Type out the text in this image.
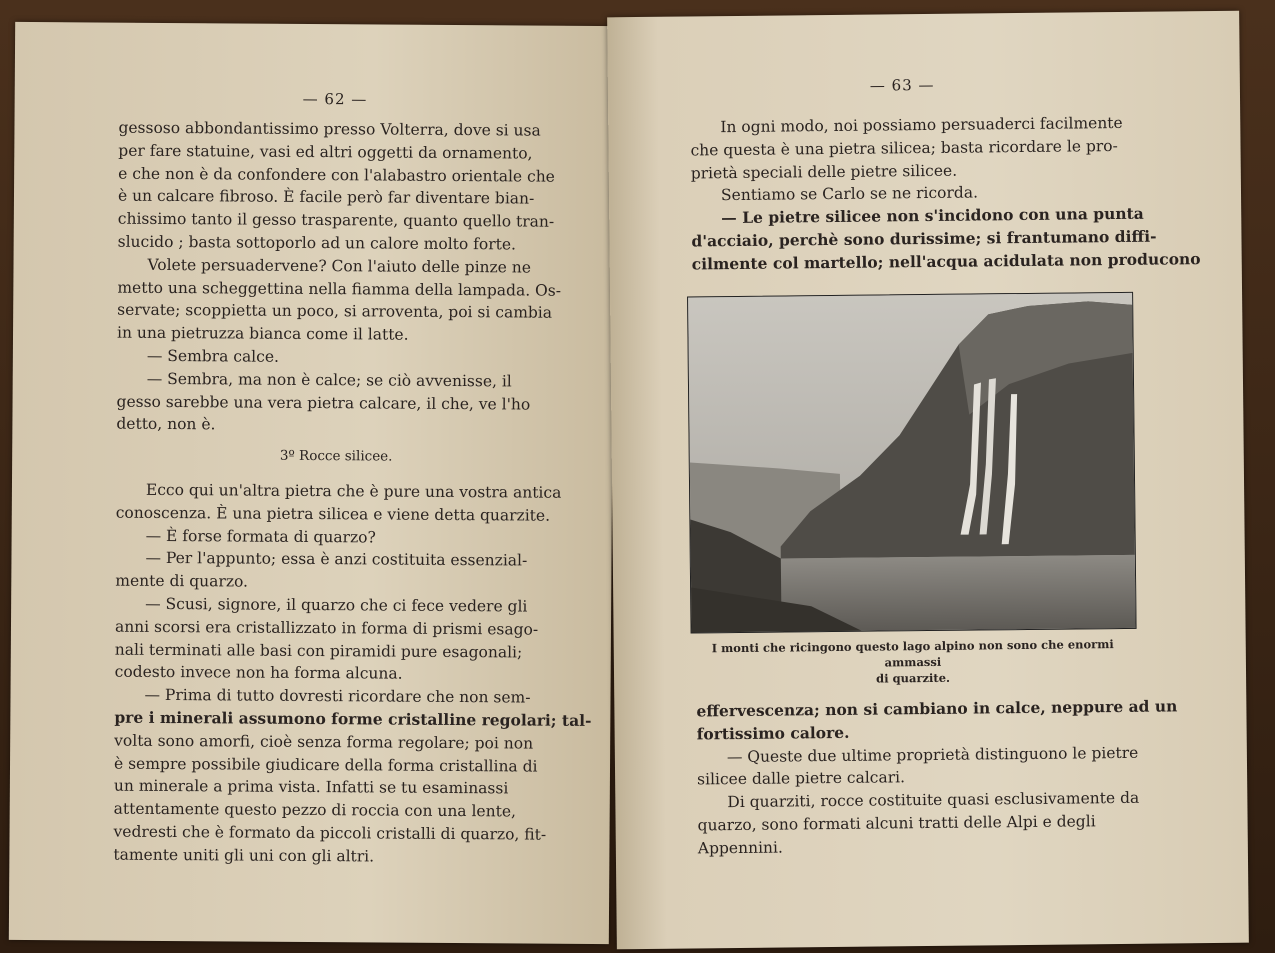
— 62 —
gessoso abbondantissimo presso Volterra, dove si usa
per fare statuine, vasi ed altri oggetti da ornamento,
e che non è da confondere con l'alabastro orientale che
è un calcare fibroso. È facile però far diventare bian-
chissimo tanto il gesso trasparente, quanto quello tran-
slucido ; basta sottoporlo ad un calore molto forte.
Volete persuadervene? Con l'aiuto delle pinze ne
metto una scheggettina nella fiamma della lampada. Os-
servate; scoppietta un poco, si arroventa, poi si cambia
in una pietruzza bianca come il latte.
— Sembra calce.
— Sembra, ma non è calce; se ciò avvenisse, il
gesso sarebbe una vera pietra calcare, il che, ve l'ho
detto, non è.
3º Rocce silicee.
Ecco qui un'altra pietra che è pure una vostra antica
conoscenza. È una pietra silicea e viene detta quarzite.
— È forse formata di quarzo?
— Per l'appunto; essa è anzi costituita essenzial-
mente di quarzo.
— Scusi, signore, il quarzo che ci fece vedere gli
anni scorsi era cristallizzato in forma di prismi esago-
nali terminati alle basi con piramidi pure esagonali;
codesto invece non ha forma alcuna.
— Prima di tutto dovresti ricordare che non sem-
pre i minerali assumono forme cristalline regolari; tal-
volta sono amorfi, cioè senza forma regolare; poi non
è sempre possibile giudicare della forma cristallina di
un minerale a prima vista. Infatti se tu esaminassi
attentamente questo pezzo di roccia con una lente,
vedresti che è formato da piccoli cristalli di quarzo, fit-
tamente uniti gli uni con gli altri.
— 63 —
In ogni modo, noi possiamo persuaderci facilmente
che questa è una pietra silicea; basta ricordare le pro-
prietà speciali delle pietre silicee.
Sentiamo se Carlo se ne ricorda.
— Le pietre silicee non s'incidono con una punta
d'acciaio, perchè sono durissime; si frantumano diffi-
cilmente col martello; nell'acqua acidulata non producono
I monti che ricingono questo lago alpino non sono che enormi ammassi
di quarzite.
effervescenza; non si cambiano in calce, neppure ad un
fortissimo calore.
— Queste due ultime proprietà distinguono le pietre
silicee dalle pietre calcari.
Di quarziti, rocce costituite quasi esclusivamente da
quarzo, sono formati alcuni tratti delle Alpi e degli
Appennini.
